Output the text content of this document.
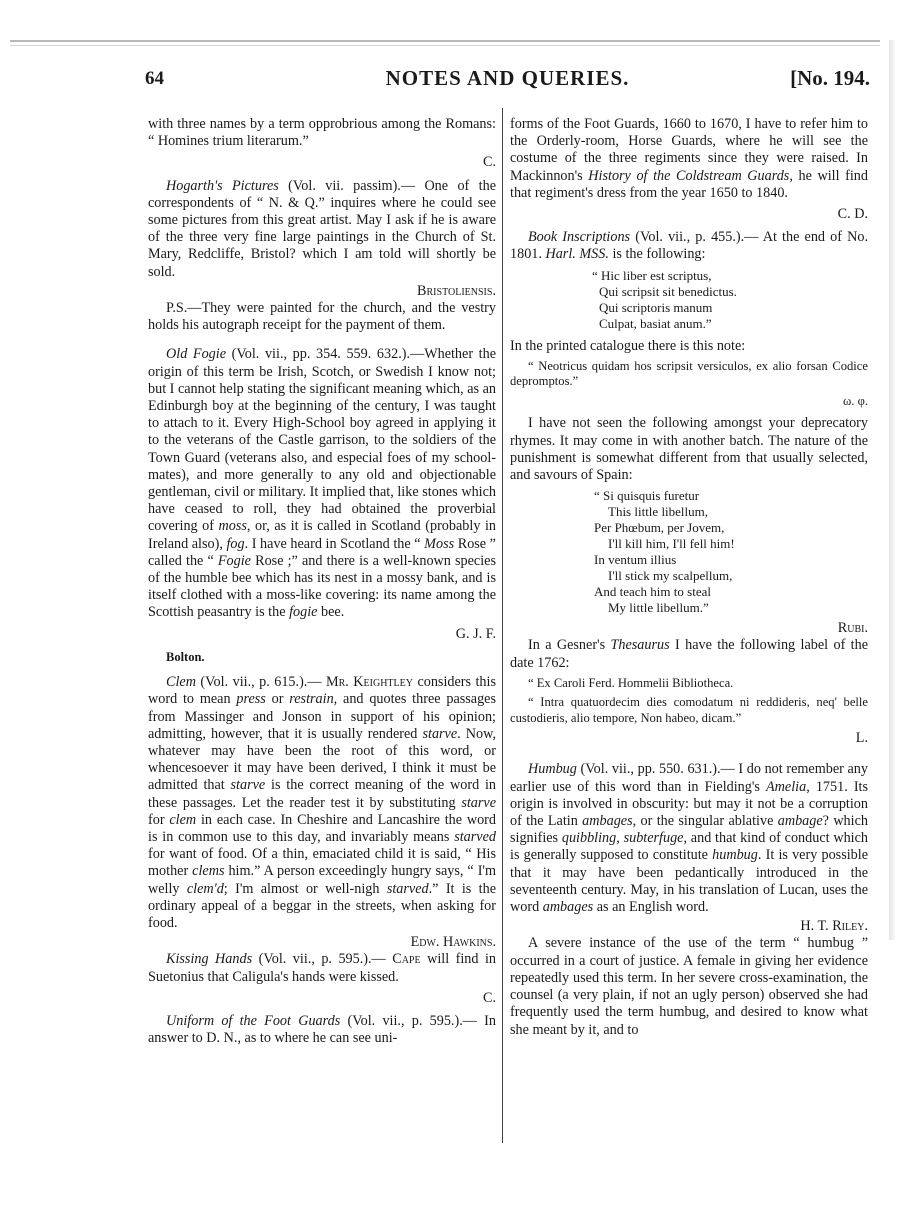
64	NOTES AND QUERIES.	[No. 194.

with three names by a term opprobrious among the Romans: “ Homines trium literarum.”

C.

Hogarth's Pictures (Vol. vii. passim).— One of the correspondents of “ N. & Q.” inquires where he could see some pictures from this great artist. May I ask if he is aware of the three very fine large paintings in the Church of St. Mary, Redcliffe, Bristol? which I am told will shortly be sold.

Bristoliensis.

P.S.—They were painted for the church, and the vestry holds his autograph receipt for the payment of them.

Old Fogie (Vol. vii., pp. 354. 559. 632.).—Whether the origin of this term be Irish, Scotch, or Swedish I know not; but I cannot help stating the significant meaning which, as an Edinburgh boy at the beginning of the century, I was taught to attach to it. Every High-School boy agreed in applying it to the veterans of the Castle garrison, to the soldiers of the Town Guard (veterans also, and especial foes of my school-mates), and more generally to any old and objectionable gentleman, civil or military. It implied that, like stones which have ceased to roll, they had obtained the proverbial covering of moss, or, as it is called in Scotland (probably in Ireland also), fog. I have heard in Scotland the “ Moss Rose ” called the “ Fogie Rose ;” and there is a well-known species of the humble bee which has its nest in a mossy bank, and is itself clothed with a moss-like covering: its name among the Scottish peasantry is the fogie bee.

G. J. F.
Bolton.

Clem (Vol. vii., p. 615.).— Mr. Keightley considers this word to mean press or restrain, and quotes three passages from Massinger and Jonson in support of his opinion; admitting, however, that it is usually rendered starve. Now, whatever may have been the root of this word, or whencesoever it may have been derived, I think it must be admitted that starve is the correct meaning of the word in these passages. Let the reader test it by substituting starve for clem in each case. In Cheshire and Lancashire the word is in common use to this day, and invariably means starved for want of food. Of a thin, emaciated child it is said, “ His mother clems him.” A person exceedingly hungry says, “ I'm welly clem'd; I'm almost or well-nigh starved.” It is the ordinary appeal of a beggar in the streets, when asking for food.

Edw. Hawkins.

Kissing Hands (Vol. vii., p. 595.).— Cape will find in Suetonius that Caligula's hands were kissed.

C.

Uniform of the Foot Guards (Vol. vii., p. 595.).— In answer to D. N., as to where he can see uni-

forms of the Foot Guards, 1660 to 1670, I have to refer him to the Orderly-room, Horse Guards, where he will see the costume of the three regiments since they were raised. In Mackinnon's History of the Coldstream Guards, he will find that regiment's dress from the year 1650 to 1840.

C. D.

Book Inscriptions (Vol. vii., p. 455.).— At the end of No. 1801. Harl. MSS. is the following:

“ Hic liber est scriptus,
Qui scripsit sit benedictus.
Qui scriptoris manum
Culpat, basiat anum.”

In the printed catalogue there is this note:

“ Neotricus quidam hos scripsit versiculos, ex alio forsan Codice depromptos.”

ω. φ.

I have not seen the following amongst your deprecatory rhymes. It may come in with another batch. The nature of the punishment is somewhat different from that usually selected, and savours of Spain:

“ Si quisquis furetur
This little libellum,
Per Phœbum, per Jovem,
I'll kill him, I'll fell him!
In ventum illius
I'll stick my scalpellum,
And teach him to steal
My little libellum.”
Rubi.

In a Gesner's Thesaurus I have the following label of the date 1762:

“ Ex Caroli Ferd. Hommelii Bibliotheca.

“ Intra quatuordecim dies comodatum ni reddideris, neq' belle custodieris, alio tempore, Non habeo, dicam.”

L.

Humbug (Vol. vii., pp. 550. 631.).— I do not remember any earlier use of this word than in Fielding's Amelia, 1751. Its origin is involved in obscurity: but may it not be a corruption of the Latin ambages, or the singular ablative ambage? which signifies quibbling, subterfuge, and that kind of conduct which is generally supposed to constitute humbug. It is very possible that it may have been pedantically introduced in the seventeenth century. May, in his translation of Lucan, uses the word ambages as an English word.

H. T. Riley.

A severe instance of the use of the term “ humbug ” occurred in a court of justice. A female in giving her evidence repeatedly used this term. In her severe cross-examination, the counsel (a very plain, if not an ugly person) observed she had frequently used the term humbug, and desired to know what she meant by it, and to
